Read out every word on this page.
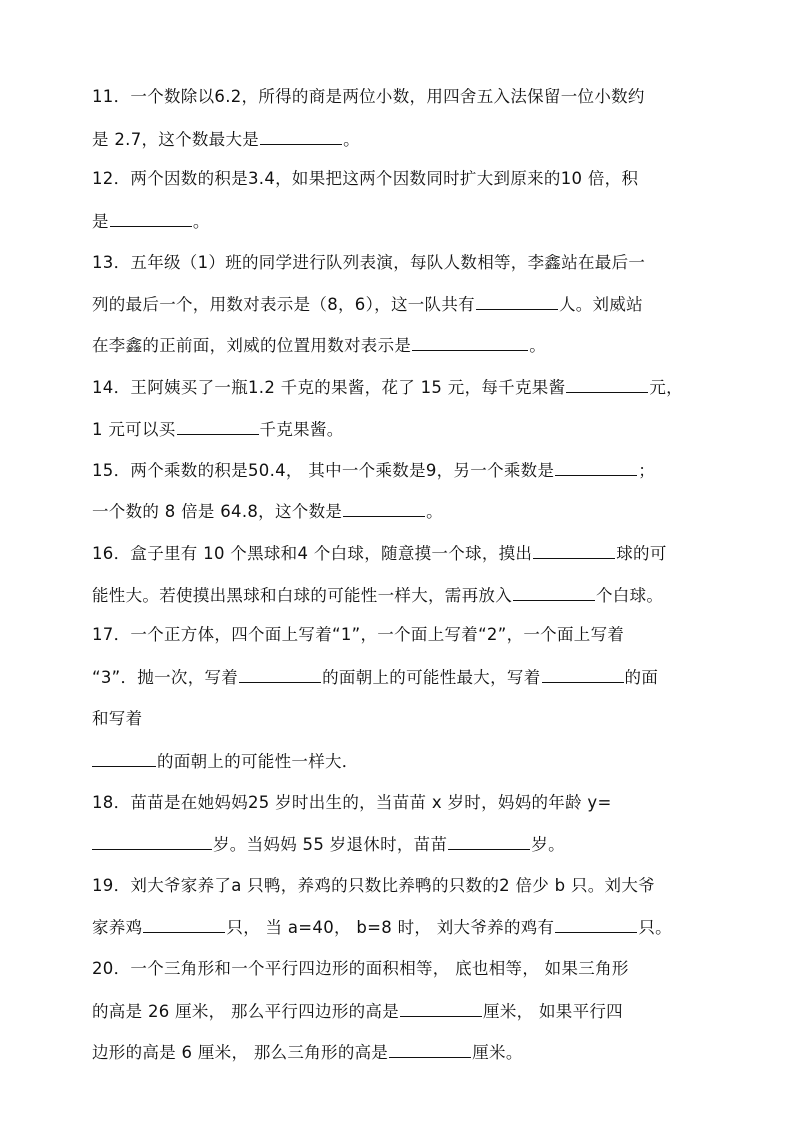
11．一个数除以6.2，所得的商是两位小数，用四舍五入法保留一位小数约
是 2.7，这个数最大是	。
12．两个因数的积是3.4，如果把这两个因数同时扩大到原来的10 倍，积
是	。
13．五年级（1）班的同学进行队列表演，每队人数相等，李鑫站在最后一
列的最后一个，用数对表示是（8，6），这一队共有	人。刘威站
在李鑫的正前面，刘威的位置用数对表示是	。
14．王阿姨买了一瓶1.2 千克的果酱，花了 15 元，每千克果酱	元，
1 元可以买	千克果酱。
15．两个乘数的积是50.4， 其中一个乘数是9，另一个乘数是	；
一个数的 8 倍是 64.8，这个数是	。
16．盒子里有 10 个黑球和4 个白球，随意摸一个球，摸出	球的可
能性大。若使摸出黑球和白球的可能性一样大，需再放入	个白球。
17．一个正方体，四个面上写着“1”，一个面上写着“2”，一个面上写着
“3”．抛一次，写着	的面朝上的可能性最大，写着	的面
和写着
的面朝上的可能性一样大．
18．苗苗是在她妈妈25 岁时出生的，当苗苗 x 岁时，妈妈的年龄 y=
岁。当妈妈 55 岁退休时，苗苗	岁。
19．刘大爷家养了a 只鸭，养鸡的只数比养鸭的只数的2 倍少 b 只。刘大爷
家养鸡	只， 当 a=40， b=8 时， 刘大爷养的鸡有	只。
20．一个三角形和一个平行四边形的面积相等， 底也相等， 如果三角形
的高是 26 厘米， 那么平行四边形的高是	厘米， 如果平行四
边形的高是 6 厘米， 那么三角形的高是	厘米。
